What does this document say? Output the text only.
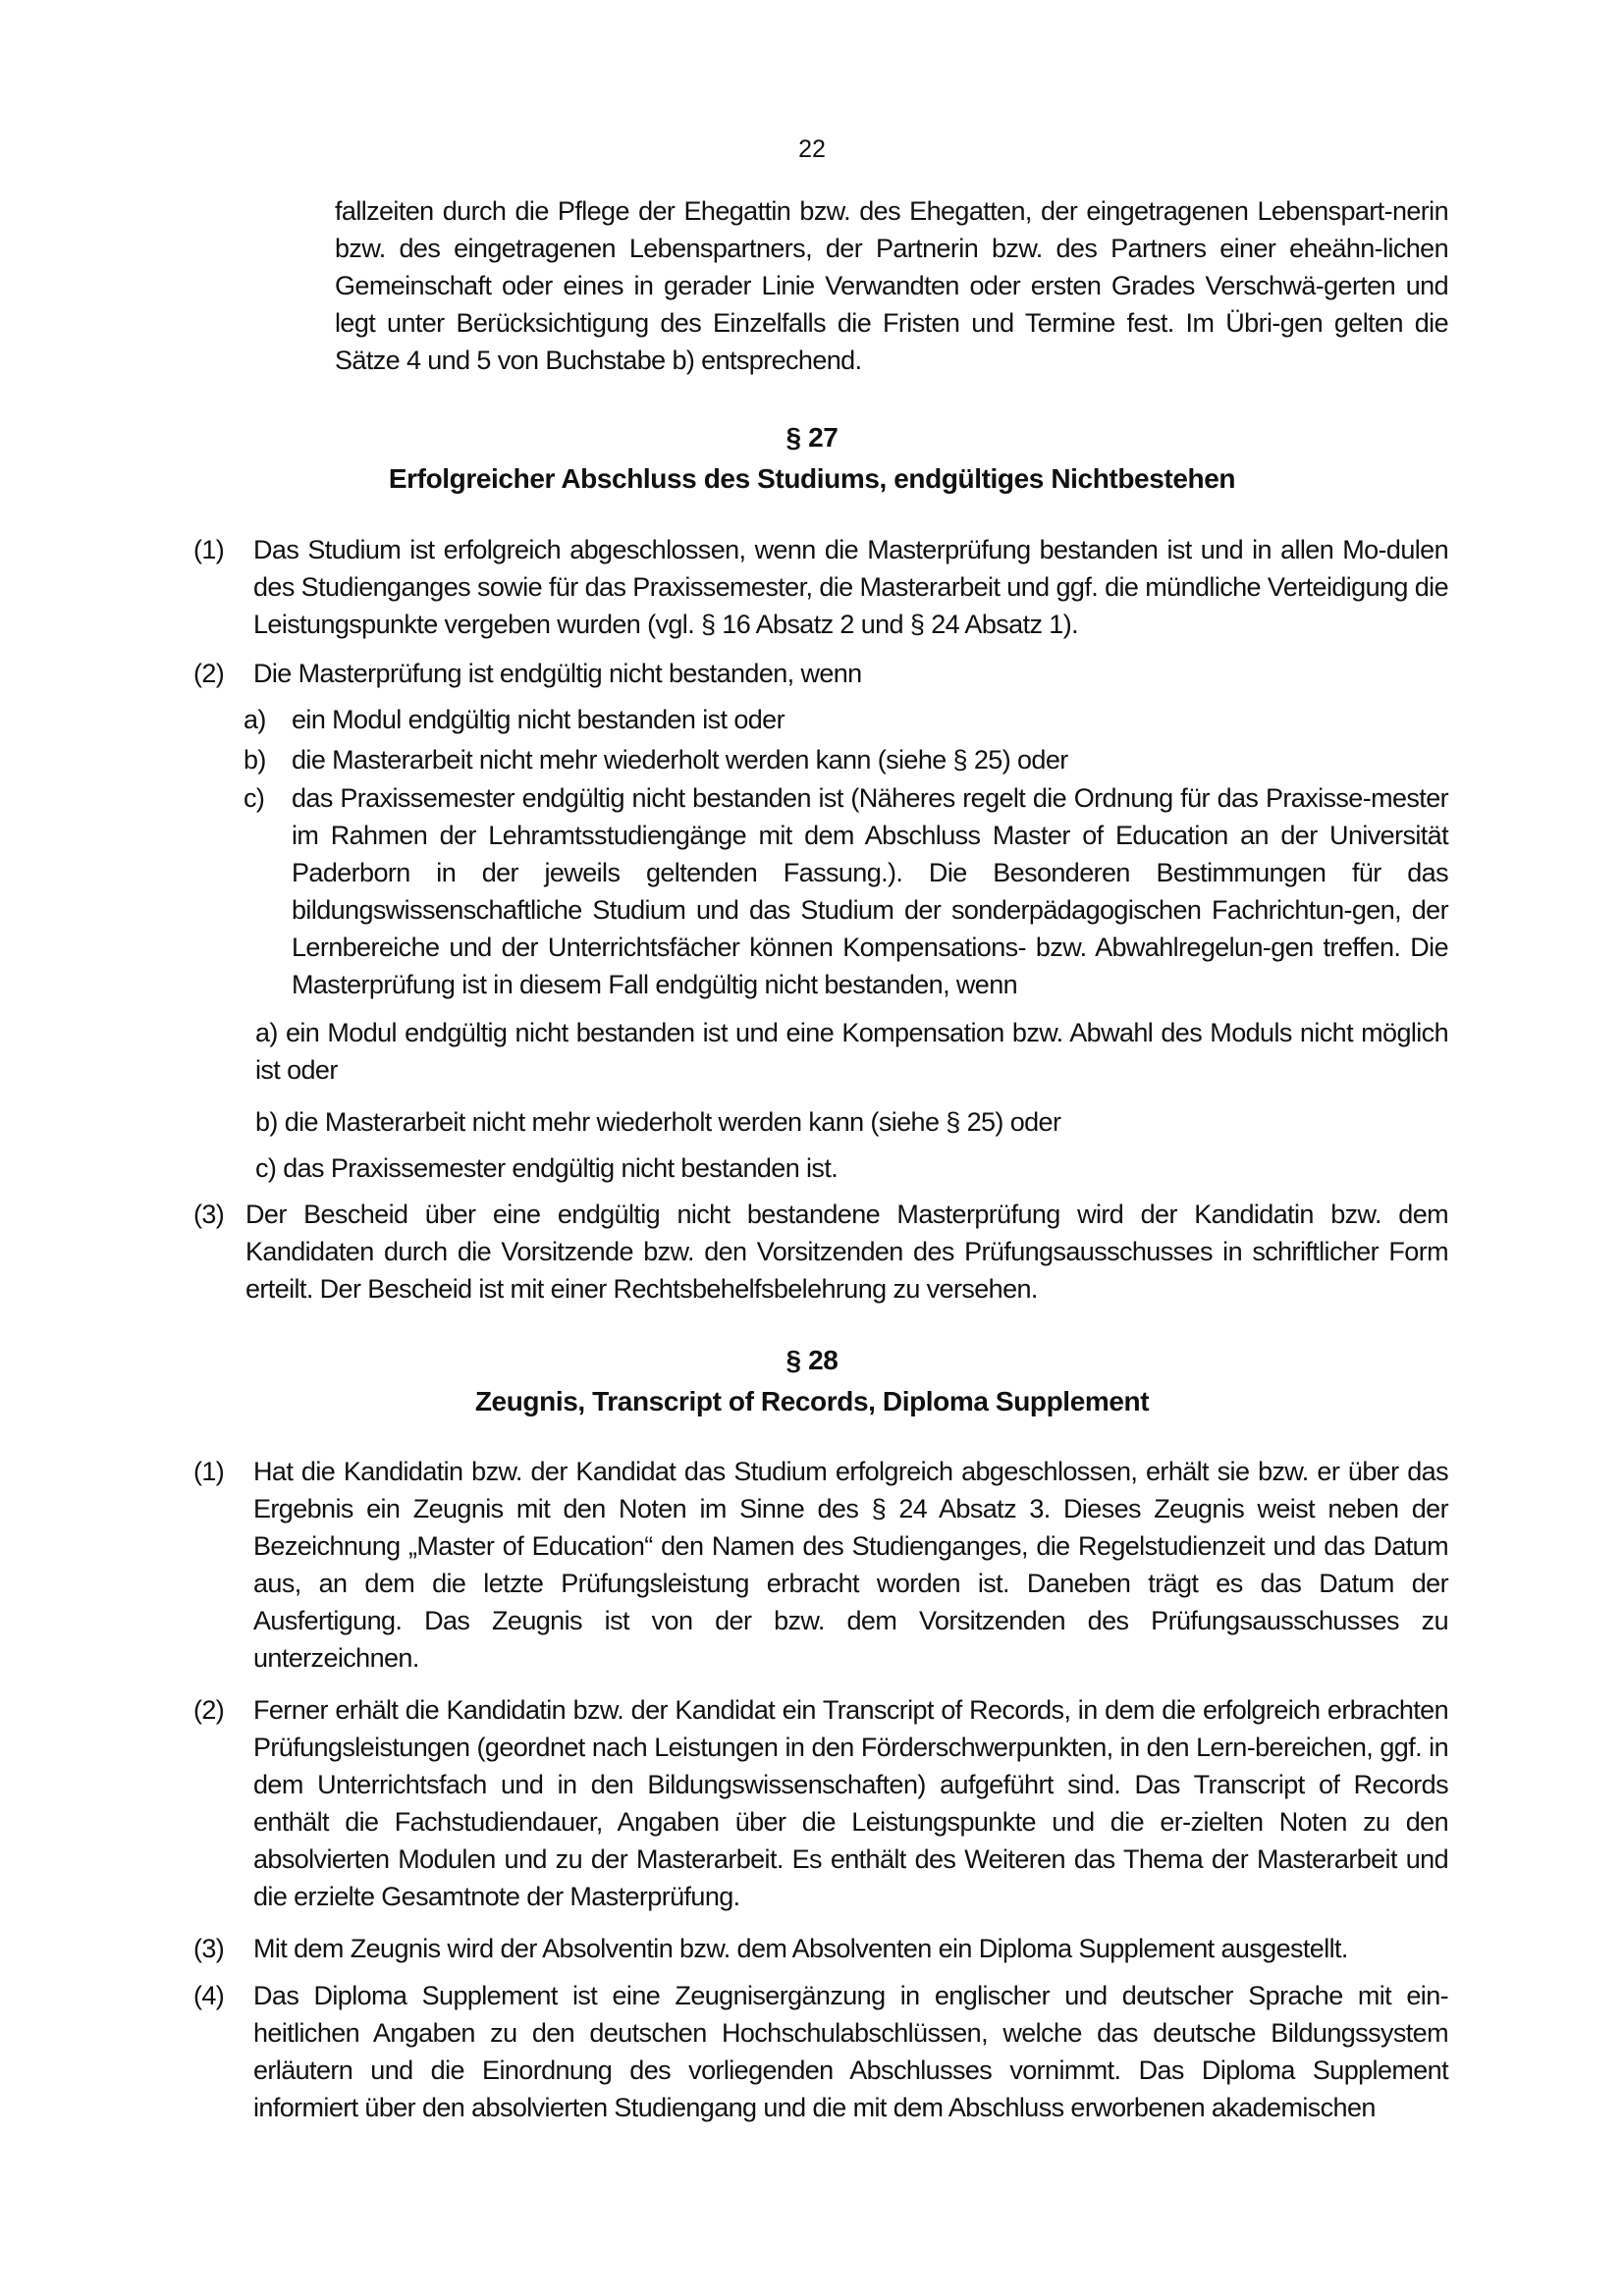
22
fallzeiten durch die Pflege der Ehegattin bzw. des Ehegatten, der eingetragenen Lebenspart-nerin bzw. des eingetragenen Lebenspartners, der Partnerin bzw. des Partners einer eheähn-lichen Gemeinschaft oder eines in gerader Linie Verwandten oder ersten Grades Verschwä-gerten und legt unter Berücksichtigung des Einzelfalls die Fristen und Termine fest. Im Übri-gen gelten die Sätze 4 und 5 von Buchstabe b) entsprechend.
§ 27
Erfolgreicher Abschluss des Studiums, endgültiges Nichtbestehen
(1) Das Studium ist erfolgreich abgeschlossen, wenn die Masterprüfung bestanden ist und in allen Mo-dulen des Studienganges sowie für das Praxissemester, die Masterarbeit und ggf. die mündliche Verteidigung die Leistungspunkte vergeben wurden (vgl. § 16 Absatz 2 und § 24 Absatz 1).
(2) Die Masterprüfung ist endgültig nicht bestanden, wenn
a) ein Modul endgültig nicht bestanden ist oder
b) die Masterarbeit nicht mehr wiederholt werden kann (siehe § 25) oder
c) das Praxissemester endgültig nicht bestanden ist (Näheres regelt die Ordnung für das Praxisse-mester im Rahmen der Lehramtsstudiengänge mit dem Abschluss Master of Education an der Universität Paderborn in der jeweils geltenden Fassung.). Die Besonderen Bestimmungen für das bildungswissenschaftliche Studium und das Studium der sonderpädagogischen Fachrichtun-gen, der Lernbereiche und der Unterrichtsfächer können Kompensations- bzw. Abwahlregelun-gen treffen. Die Masterprüfung ist in diesem Fall endgültig nicht bestanden, wenn
a) ein Modul endgültig nicht bestanden ist und eine Kompensation bzw. Abwahl des Moduls nicht möglich ist oder
b) die Masterarbeit nicht mehr wiederholt werden kann (siehe § 25) oder
c) das Praxissemester endgültig nicht bestanden ist.
(3) Der Bescheid über eine endgültig nicht bestandene Masterprüfung wird der Kandidatin bzw. dem Kandidaten durch die Vorsitzende bzw. den Vorsitzenden des Prüfungsausschusses in schriftlicher Form erteilt. Der Bescheid ist mit einer Rechtsbehelfsbelehrung zu versehen.
§ 28
Zeugnis, Transcript of Records, Diploma Supplement
(1) Hat die Kandidatin bzw. der Kandidat das Studium erfolgreich abgeschlossen, erhält sie bzw. er über das Ergebnis ein Zeugnis mit den Noten im Sinne des § 24 Absatz 3. Dieses Zeugnis weist neben der Bezeichnung „Master of Education“ den Namen des Studienganges, die Regelstudienzeit und das Datum aus, an dem die letzte Prüfungsleistung erbracht worden ist. Daneben trägt es das Datum der Ausfertigung. Das Zeugnis ist von der bzw. dem Vorsitzenden des Prüfungsausschusses zu unterzeichnen.
(2) Ferner erhält die Kandidatin bzw. der Kandidat ein Transcript of Records, in dem die erfolgreich erbrachten Prüfungsleistungen (geordnet nach Leistungen in den Förderschwerpunkten, in den Lern-bereichen, ggf. in dem Unterrichtsfach und in den Bildungswissenschaften) aufgeführt sind. Das Transcript of Records enthält die Fachstudiendauer, Angaben über die Leistungspunkte und die er-zielten Noten zu den absolvierten Modulen und zu der Masterarbeit. Es enthält des Weiteren das Thema der Masterarbeit und die erzielte Gesamtnote der Masterprüfung.
(3) Mit dem Zeugnis wird der Absolventin bzw. dem Absolventen ein Diploma Supplement ausgestellt.
(4) Das Diploma Supplement ist eine Zeugnisergänzung in englischer und deutscher Sprache mit ein-heitlichen Angaben zu den deutschen Hochschulabschlüssen, welche das deutsche Bildungssystem erläutern und die Einordnung des vorliegenden Abschlusses vornimmt. Das Diploma Supplement informiert über den absolvierten Studiengang und die mit dem Abschluss erworbenen akademischen
